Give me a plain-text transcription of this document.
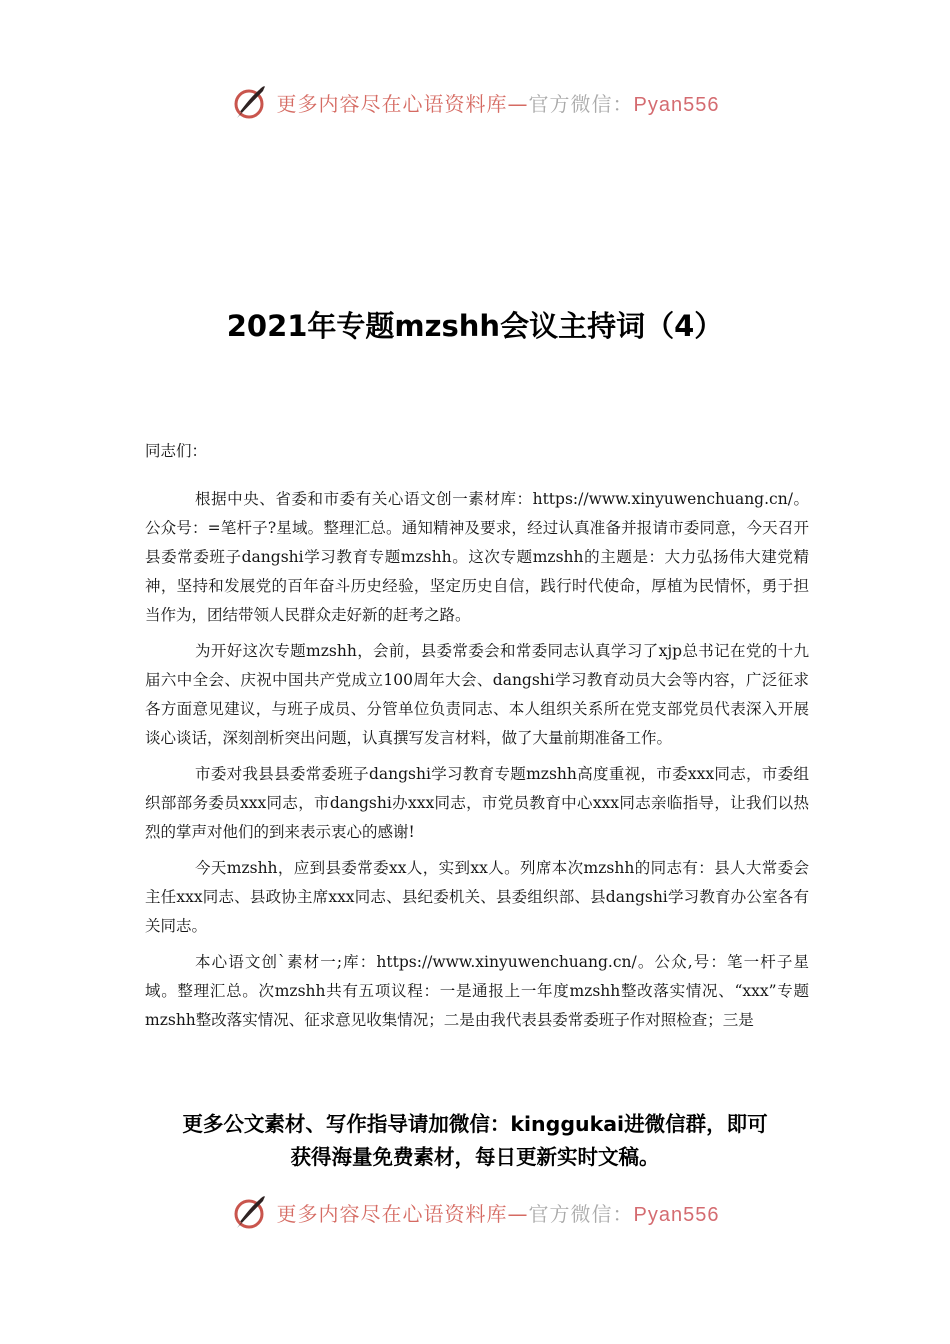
更多内容尽在心语资料库—官方微信：Pyan556
2021年专题mzshh会议主持词（4）

同志们：

根据中央、省委和市委有关心语文创一素材库：https://www.xinyuwenchuang.cn/。公众号：=笔杆子?星域。整理汇总。通知精神及要求，经过认真准备并报请市委同意，今天召开县委常委班子dangshi学习教育专题mzshh。这次专题mzshh的主题是：大力弘扬伟大建党精神，坚持和发展党的百年奋斗历史经验，坚定历史自信，践行时代使命，厚植为民情怀，勇于担当作为，团结带领人民群众走好新的赶考之路。

为开好这次专题mzshh，会前，县委常委会和常委同志认真学习了xjp总书记在党的十九届六中全会、庆祝中国共产党成立100周年大会、dangshi学习教育动员大会等内容，广泛征求各方面意见建议，与班子成员、分管单位负责同志、本人组织关系所在党支部党员代表深入开展谈心谈话，深刻剖析突出问题，认真撰写发言材料，做了大量前期准备工作。

市委对我县县委常委班子dangshi学习教育专题mzshh高度重视，市委xxx同志，市委组织部部务委员xxx同志，市dangshi办xxx同志，市党员教育中心xxx同志亲临指导，让我们以热烈的掌声对他们的到来表示衷心的感谢!

今天mzshh，应到县委常委xx人，实到xx人。列席本次mzshh的同志有：县人大常委会主任xxx同志、县政协主席xxx同志、县纪委机关、县委组织部、县dangshi学习教育办公室各有关同志。

本心语文创`素材一;库：https://www.xinyuwenchuang.cn/。公众,号：笔一杆子星域。整理汇总。次mzshh共有五项议程：一是通报上一年度mzshh整改落实情况、“xxx”专题mzshh整改落实情况、征求意见收集情况；二是由我代表县委常委班子作对照检查；三是

更多公文素材、写作指导请加微信：kinggukai进微信群，即可
获得海量免费素材，每日更新实时文稿。
更多内容尽在心语资料库—官方微信：Pyan556
